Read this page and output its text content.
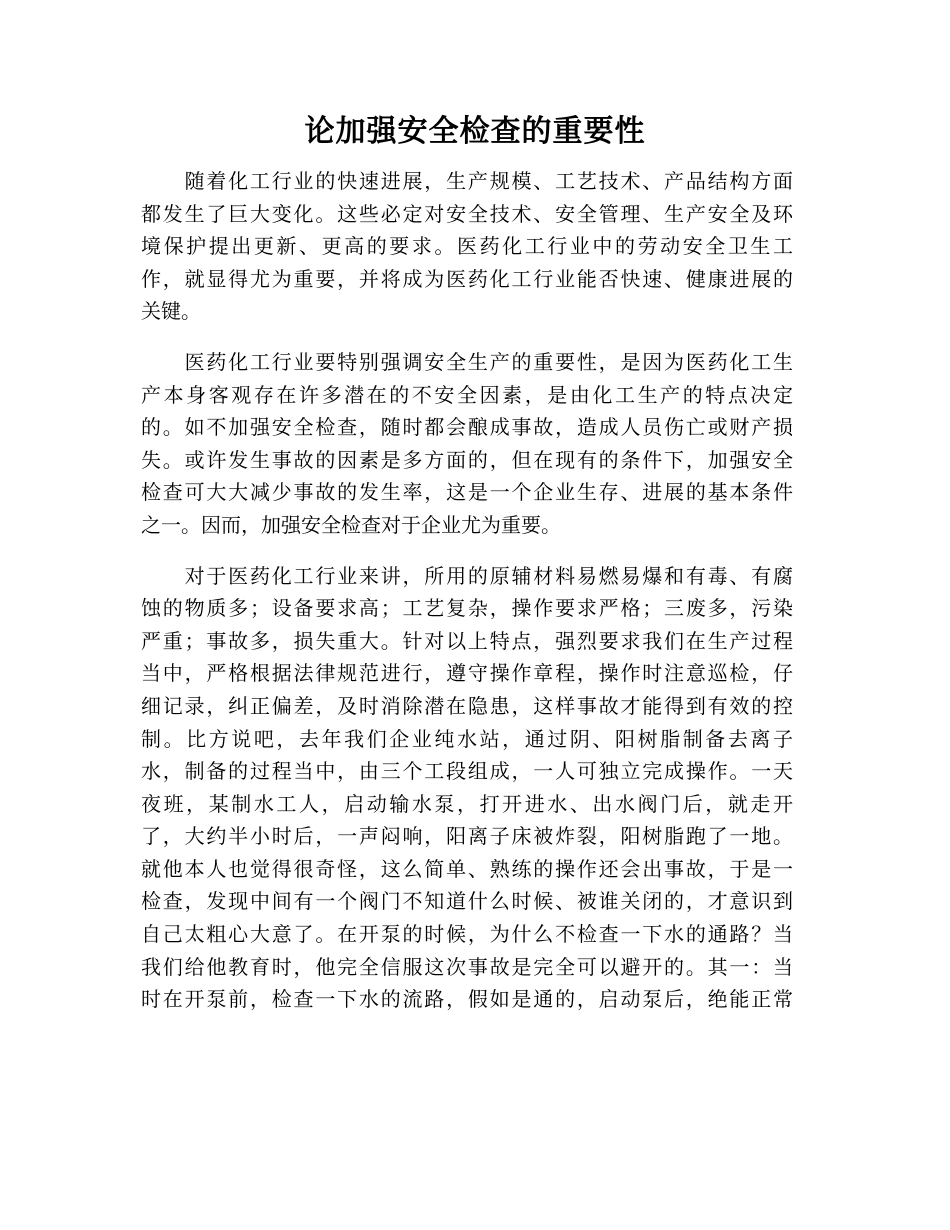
论加强安全检查的重要性
　　随着化工行业的快速进展，生产规模、工艺技术、产品结构方面
都发生了巨大变化。这些必定对安全技术、安全管理、生产安全及环
境保护提出更新、更高的要求。医药化工行业中的劳动安全卫生工
作，就显得尤为重要，并将成为医药化工行业能否快速、健康进展的
关键。
　　医药化工行业要特别强调安全生产的重要性，是因为医药化工生
产本身客观存在许多潜在的不安全因素，是由化工生产的特点决定
的。如不加强安全检查，随时都会酿成事故，造成人员伤亡或财产损
失。或许发生事故的因素是多方面的，但在现有的条件下，加强安全
检查可大大减少事故的发生率，这是一个企业生存、进展的基本条件
之一。因而，加强安全检查对于企业尤为重要。
　　对于医药化工行业来讲，所用的原辅材料易燃易爆和有毒、有腐
蚀的物质多；设备要求高；工艺复杂，操作要求严格；三废多，污染
严重；事故多，损失重大。针对以上特点，强烈要求我们在生产过程
当中，严格根据法律规范进行，遵守操作章程，操作时注意巡检，仔
细记录，纠正偏差，及时消除潜在隐患，这样事故才能得到有效的控
制。比方说吧，去年我们企业纯水站，通过阴、阳树脂制备去离子
水，制备的过程当中，由三个工段组成，一人可独立完成操作。一天
夜班，某制水工人，启动输水泵，打开进水、出水阀门后，就走开
了，大约半小时后，一声闷响，阳离子床被炸裂，阳树脂跑了一地。
就他本人也觉得很奇怪，这么简单、熟练的操作还会出事故，于是一
检查，发现中间有一个阀门不知道什么时候、被谁关闭的，才意识到
自己太粗心大意了。在开泵的时候，为什么不检查一下水的通路？当
我们给他教育时，他完全信服这次事故是完全可以避开的。其一：当
时在开泵前，检查一下水的流路，假如是通的，启动泵后，绝能正常
